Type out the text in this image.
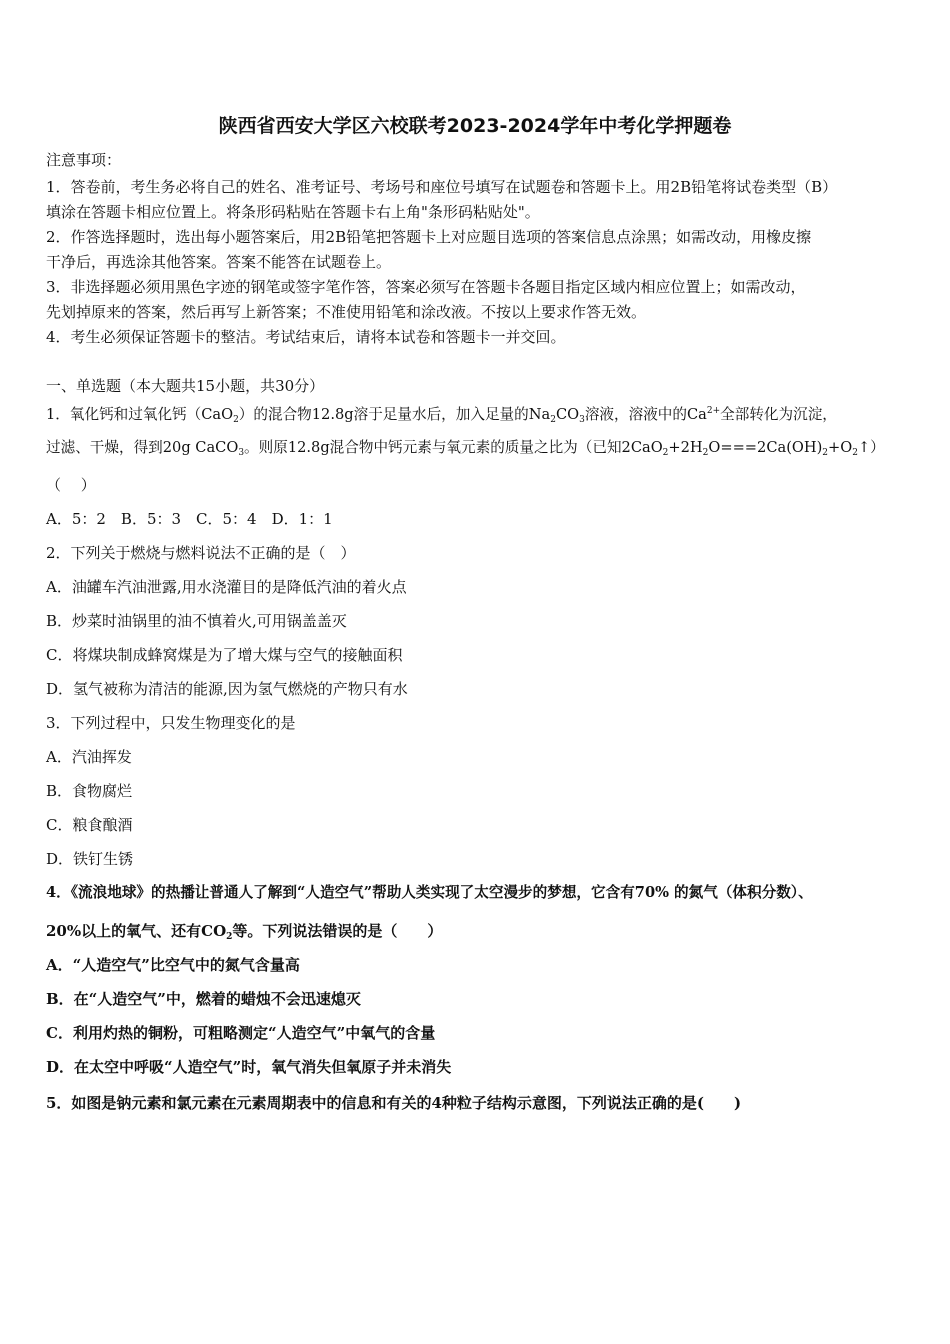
陕西省西安大学区六校联考2023-2024学年中考化学押题卷
注意事项：
1．答卷前，考生务必将自己的姓名、准考证号、考场号和座位号填写在试题卷和答题卡上。用2B铅笔将试卷类型（B）
填涂在答题卡相应位置上。将条形码粘贴在答题卡右上角"条形码粘贴处"。
2．作答选择题时，选出每小题答案后，用2B铅笔把答题卡上对应题目选项的答案信息点涂黑；如需改动，用橡皮擦
干净后，再选涂其他答案。答案不能答在试题卷上。
3．非选择题必须用黑色字迹的钢笔或签字笔作答，答案必须写在答题卡各题目指定区域内相应位置上；如需改动，
先划掉原来的答案，然后再写上新答案；不准使用铅笔和涂改液。不按以上要求作答无效。
4．考生必须保证答题卡的整洁。考试结束后，请将本试卷和答题卡一并交回。
一、单选题（本大题共15小题，共30分）
1．氧化钙和过氧化钙（CaO$_2$）的混合物12.8g溶于足量水后，加入足量的$Na_2CO_3$溶液，溶液中的$Ca^{2+}$全部转化为沉淀，
过滤、干燥，得到20g CaCO$_3$。则原12.8g混合物中钙元素与氧元素的质量之比为（已知$2CaO_2+2H_2O===2Ca(OH)_2+O_2↑$）
（　 ）
A．5：2　B．5：3　C．5：4　D．1：1
2．下列关于燃烧与燃料说法不正确的是（　）
A．油罐车汽油泄露,用水浇灌目的是降低汽油的着火点
B．炒菜时油锅里的油不慎着火,可用锅盖盖灭
C．将煤块制成蜂窝煤是为了增大煤与空气的接触面积
D．氢气被称为清洁的能源,因为氢气燃烧的产物只有水
3．下列过程中，只发生物理变化的是
A．汽油挥发
B．食物腐烂
C．粮食酿酒
D．铁钉生锈
4．《流浪地球》的热播让普通人了解到“人造空气”帮助人类实现了太空漫步的梦想，它含有70% 的氮气（体积分数）、
20%以上的氧气、还有$CO_2$等。下列说法错误的是（　　）
A．“人造空气”比空气中的氮气含量高
B．在“人造空气”中，燃着的蜡烛不会迅速熄灭
C．利用灼热的铜粉，可粗略测定“人造空气”中氧气的含量
D．在太空中呼吸“人造空气”时，氧气消失但氧原子并未消失
5．如图是钠元素和氯元素在元素周期表中的信息和有关的4种粒子结构示意图，下列说法正确的是(　　)
